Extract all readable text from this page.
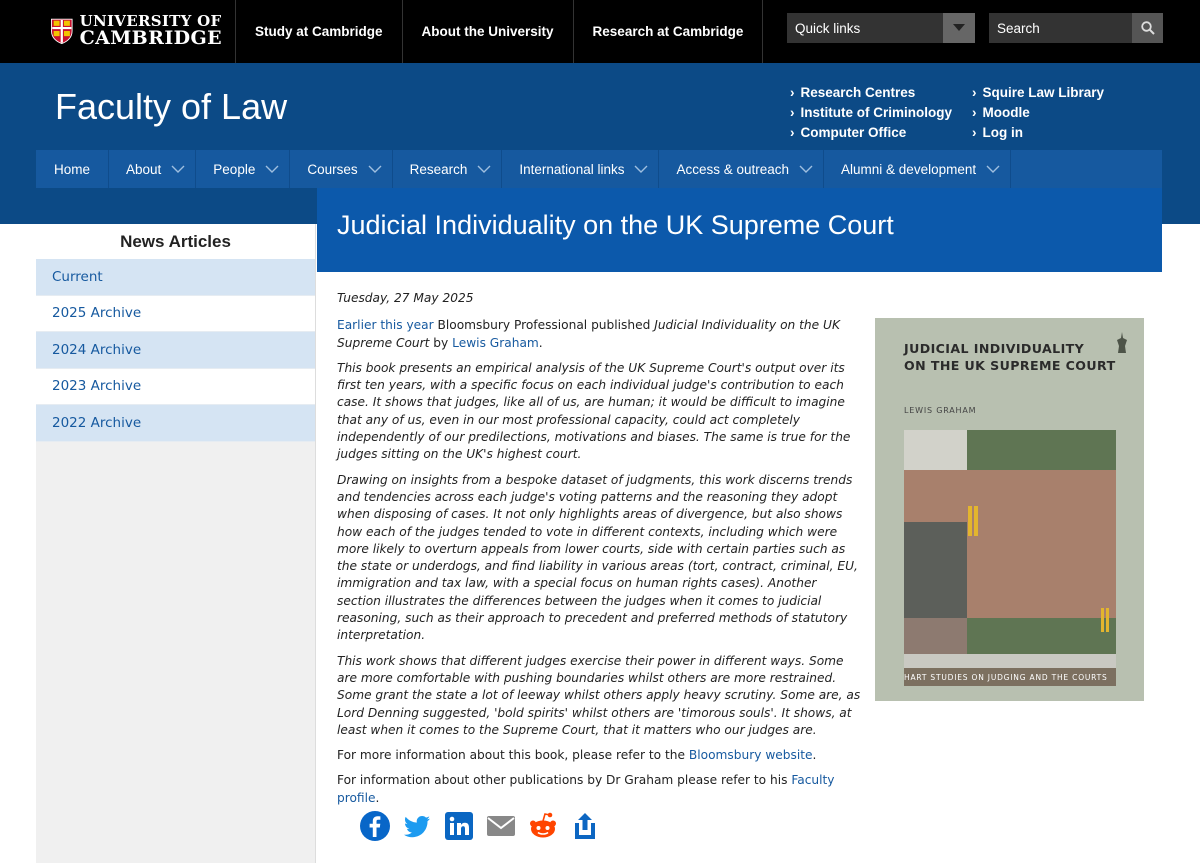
UNIVERSITY OF
CAMBRIDGE	Study at Cambridge	About the University	Research at Cambridge	Quick links
Search
Faculty of Law
›	Research Centres
› Institute of Criminology
› Computer Office
› Squire Law Library
› Moodle
› Log in
Home	About	People	Courses	Research	International links	Access & outreach	Alumni & development
News Articles
Current
2025 Archive
2024 Archive
2023 Archive
2022 Archive
Judicial Individuality on the UK Supreme Court

Tuesday, 27 May 2025

Earlier this year Bloomsbury Professional published Judicial Individuality on the UK Supreme Court by Lewis Graham.

This book presents an empirical analysis of the UK Supreme Court's output over its first ten years, with a specific focus on each individual judge's contribution to each case. It shows that judges, like all of us, are human; it would be difficult to imagine that any of us, even in our most professional capacity, could act completely independently of our predilections, motivations and biases. The same is true for the judges sitting on the UK's highest court.

Drawing on insights from a bespoke dataset of judgments, this work discerns trends and tendencies across each judge's voting patterns and the reasoning they adopt when disposing of cases. It not only highlights areas of divergence, but also shows how each of the judges tended to vote in different contexts, including which were more likely to overturn appeals from lower courts, side with certain parties such as the state or underdogs, and find liability in various areas (tort, contract, criminal, EU, immigration and tax law, with a special focus on human rights cases). Another section illustrates the differences between the judges when it comes to judicial reasoning, such as their approach to precedent and preferred methods of statutory interpretation.

This work shows that different judges exercise their power in different ways. Some are more comfortable with pushing boundaries whilst others are more restrained. Some grant the state a lot of leeway whilst others apply heavy scrutiny. Some are, as Lord Denning suggested, 'bold spirits' whilst others are 'timorous souls'. It shows, at least when it comes to the Supreme Court, that it matters who our judges are.

For more information about this book, please refer to the Bloomsbury website.

For information about other publications by Dr Graham please refer to his Faculty profile.

JUDICIAL INDIVIDUALITY
ON THE UK SUPREME COURT
LEWIS GRAHAM
HART STUDIES ON JUDGING AND THE COURTS
